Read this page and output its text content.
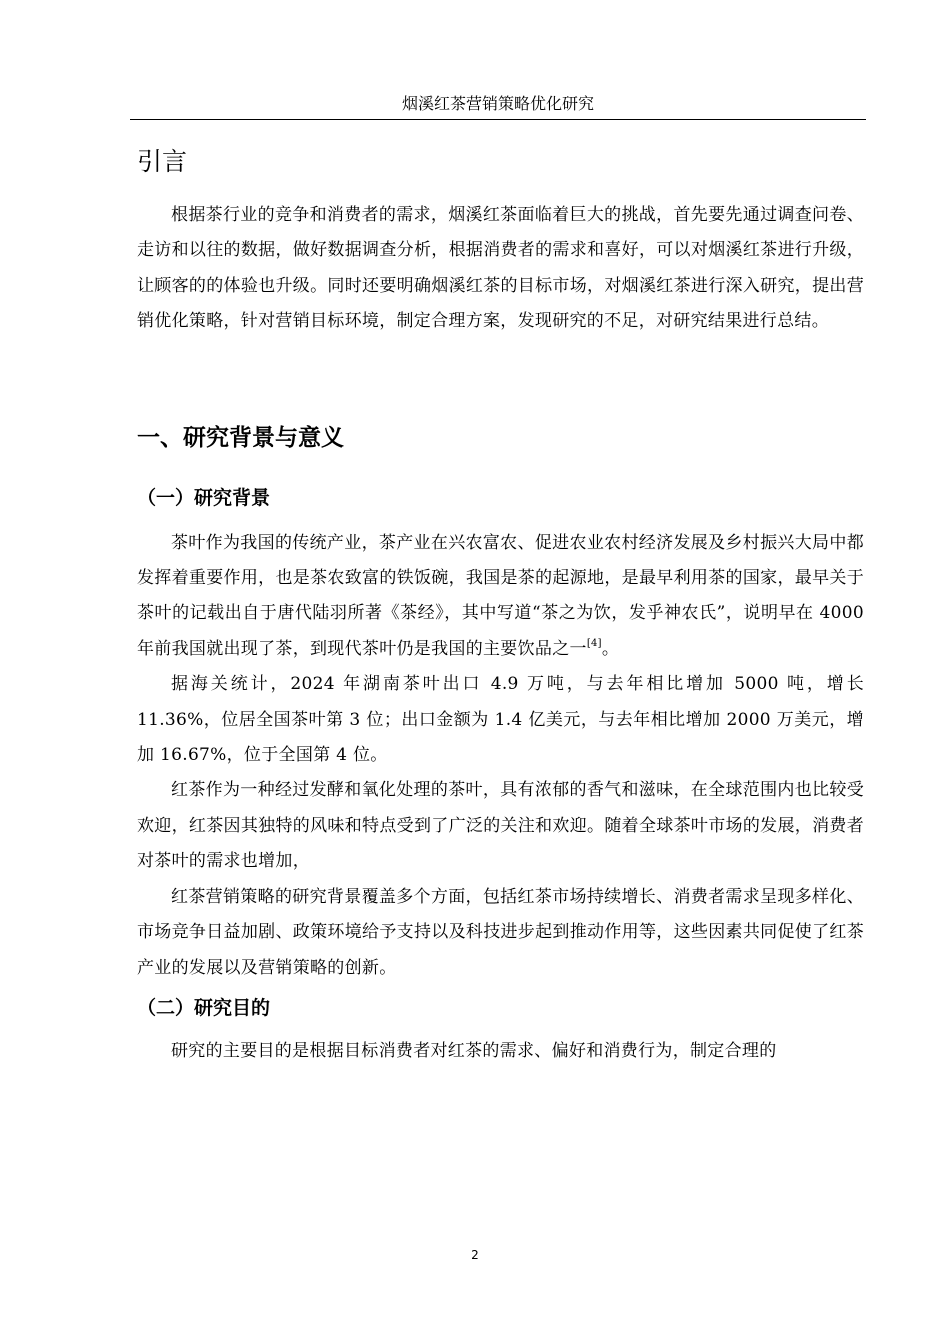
烟溪红茶营销策略优化研究
引言

根据茶行业的竞争和消费者的需求，烟溪红茶面临着巨大的挑战，首先要先通过调查问卷、走访和以往的数据，做好数据调查分析，根据消费者的需求和喜好，可以对烟溪红茶进行升级，让顾客的的体验也升级。同时还要明确烟溪红茶的目标市场，对烟溪红茶进行深入研究，提出营销优化策略，针对营销目标环境，制定合理方案，发现研究的不足，对研究结果进行总结。

一、研究背景与意义
（一）研究背景

茶叶作为我国的传统产业，茶产业在兴农富农、促进农业农村经济发展及乡村振兴大局中都发挥着重要作用，也是茶农致富的铁饭碗，我国是茶的起源地，是最早利用茶的国家，最早关于茶叶的记载出自于唐代陆羽所著《茶经》，其中写道“茶之为饮，发乎神农氏”，说明早在 4000 年前我国就出现了茶，到现代茶叶仍是我国的主要饮品之一[4]。

据海关统计，2024 年湖南茶叶出口 4.9 万吨，与去年相比增加 5000 吨，增长 11.36%，位居全国茶叶第 3 位；出口金额为 1.4 亿美元，与去年相比增加 2000 万美元，增加 16.67%，位于全国第 4 位。

红茶作为一种经过发酵和氧化处理的茶叶，具有浓郁的香气和滋味，在全球范围内也比较受欢迎，红茶因其独特的风味和特点受到了广泛的关注和欢迎。随着全球茶叶市场的发展，消费者对茶叶的需求也增加，

红茶营销策略的研究背景覆盖多个方面，包括红茶市场持续增长、消费者需求呈现多样化、市场竞争日益加剧、政策环境给予支持以及科技进步起到推动作用等，这些因素共同促使了红茶产业的发展以及营销策略的创新。

（二）研究目的

研究的主要目的是根据目标消费者对红茶的需求、偏好和消费行为，制定合理的

2
